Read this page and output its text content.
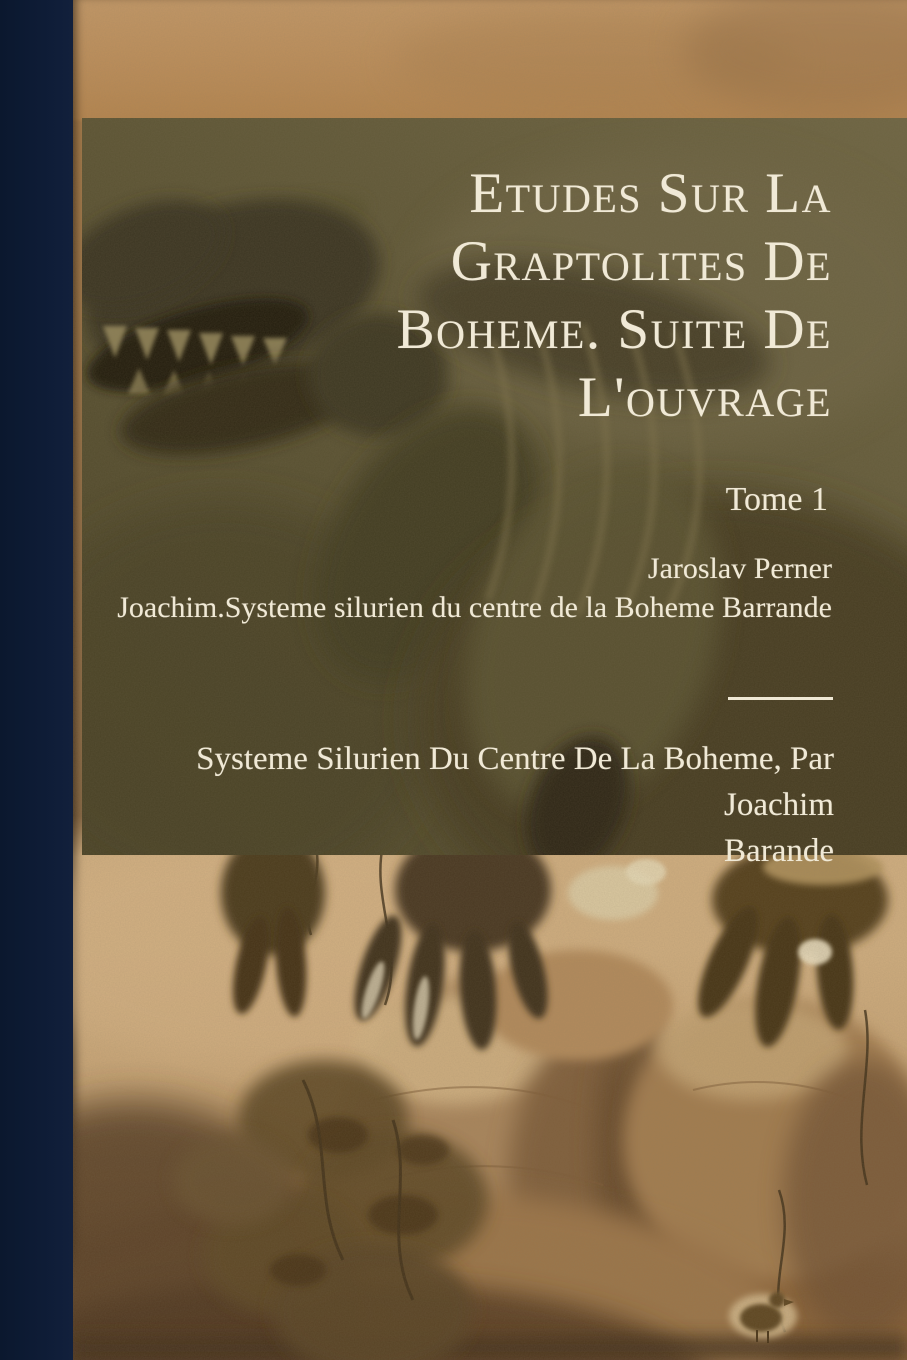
Etudes Sur La
Graptolites De
Boheme. Suite De
L'ouvrage
Tome 1
Jaroslav Perner
Joachim.Systeme silurien du centre de la Boheme Barrande
Systeme Silurien Du Centre De La Boheme, Par Joachim
Barande
